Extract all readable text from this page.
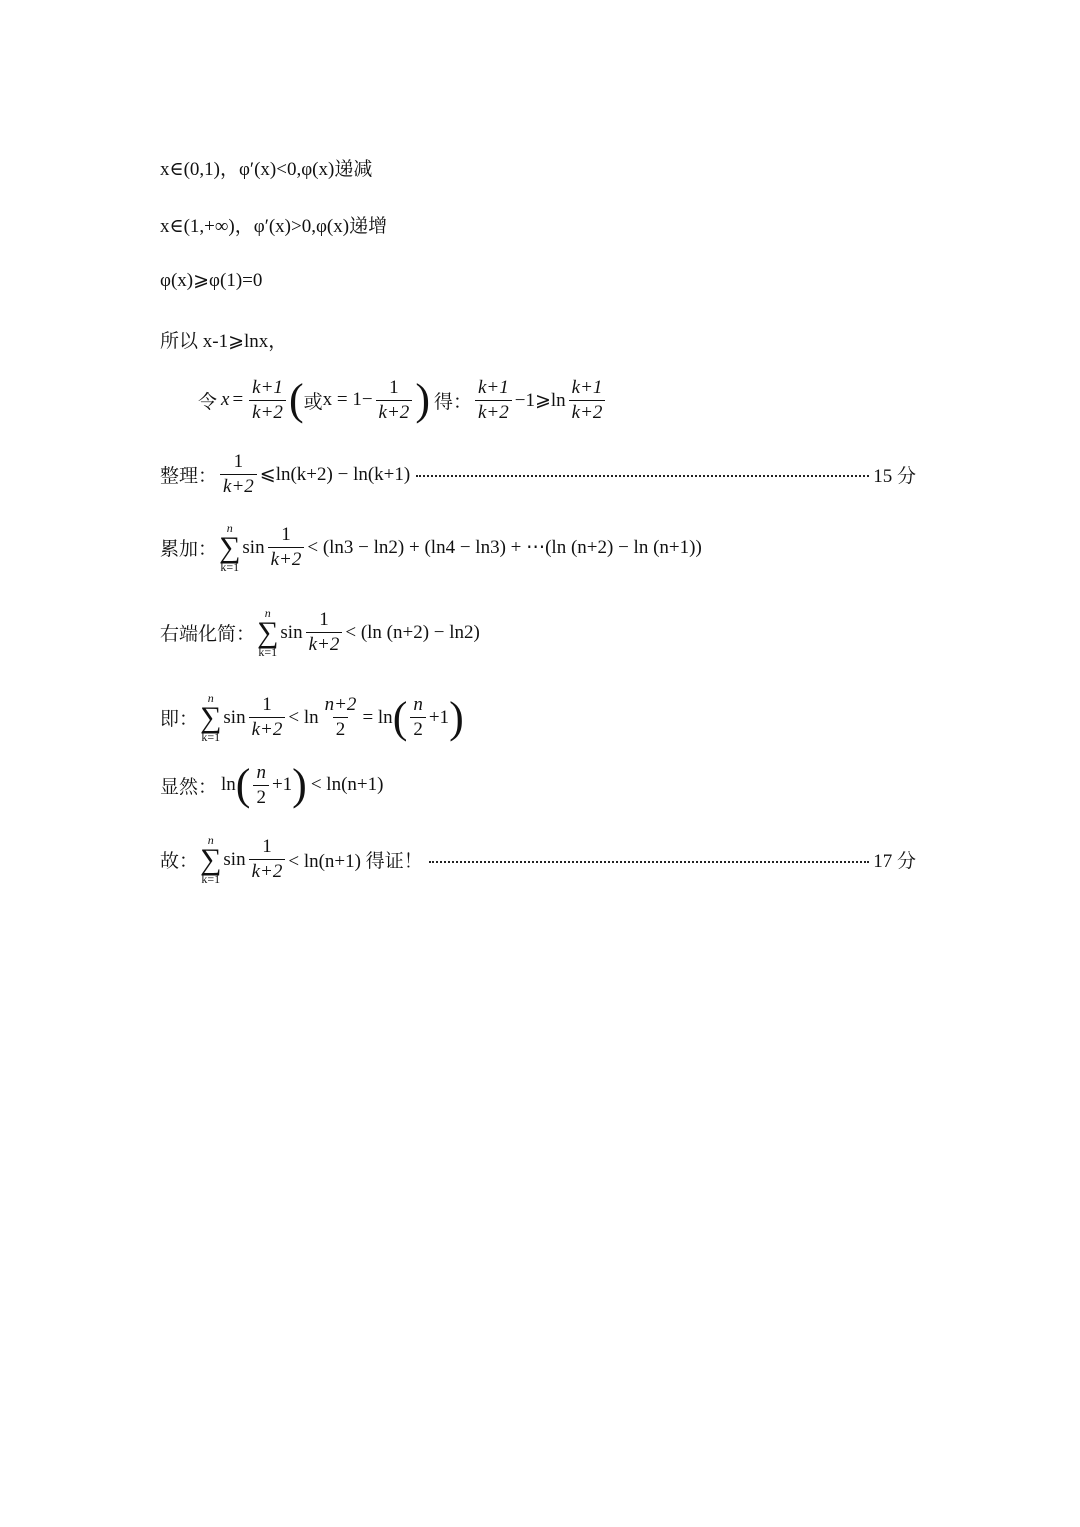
x∈(0,1)，φ′(x)<0,φ(x)递减
x∈(1,+∞)，φ′(x)>0,φ(x)递增
φ(x)⩾φ(1)=0
所以 x-1⩾lnx，
令 $x = \frac{k+1}{k+2}$ ( 或 $x = 1- \frac{1}{k+2}$ ) 得： $\frac{k+1}{k+2}$ −1⩾ln $\frac{k+1}{k+2}$
整理： $\frac{1}{k+2}$ ⩽ln(k+2) − ln(k+1)	15 分
累加：
n
∑
k=1
$\sin \frac{1}{k+2} < (\ln 3 - \ln 2) + (\ln 4 - \ln 3)$ + ⋯(ln (n+2) − ln (n+1))
右端化简：
n
∑
k=1
$\sin \frac{1}{k+2} < (\ln$ (n+2) − ln2)
即：
n
∑
k=1
$\sin \frac{1}{k+2} < \ln \frac{n+2}{2} = \ln$ ( $\frac{n}{2} +1$ )
显然： ln ( $\frac{n}{2} +1$ ) < ln(n+1)
故：
n
∑
k=1
$\sin \frac{1}{k+2} < \ln(n+1)$ 得证！	17 分
